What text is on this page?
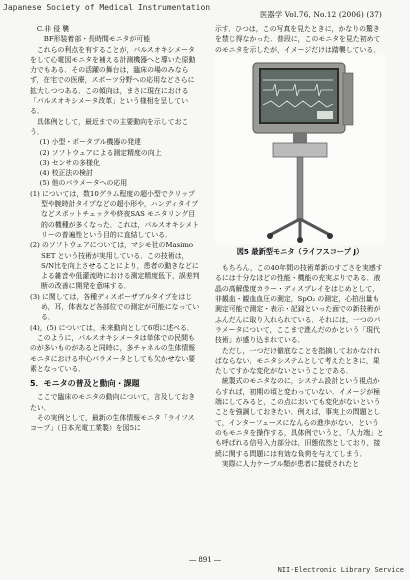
Japanese Society of Medical Instrumentation
医器学 Vol.76, No.12 (2006) (37)

C.非 侵 襲

BF形装着部・長時間モニタが可能

これらの利点を有することが，パルスオキシメータをして心電図モニタを補える計測機器へと導いた原動力でもある．その活躍の舞台は，臨床の場のみならず，在宅での医療，スポーツ分野への応用などさらに拡大しつつある．この傾向は，まさに現在における「パルスオキシメータ改革」という様相を呈している．

具体例として，最近までの主要動向を示しておこう．

(1) 小型・ポータブル機器の発達

(2) ソフトウェアによる測定精度の向上

(3) センサの多様化

(4) 校正法の検討

(5) 他のパラメータへの応用

(1) については，数10グラム程度の超小型でクリップ型や腕時計タイプなどの超小形や，ハンディタイプなどスポットチェックや終夜SAS モニタリング目的の機種が多くなった．これは，パルスオキシメトリーの普遍性という目的に直結している．

(2) のソフトウェアについては，マシモ社のMasimo SET という技術が実用している．この技術は，S/N比を向上させることにより，患者の動きなどによる雑音や低灌流時における測定精度低下，誤差判断の改善に開発を意味する．

(3) に関しては，各種ディスポーザブルタイプをはじめ，耳，体表など各部位での測定が可能になっている．

(4)，(5) については，未来動向として6項に述べる．

このように，パルスオキシメータは単体での民間ものが多いものがあると同時に，多チャネルの生体情報モニタにおける中心パラメータとしても欠かせない要素となっている．

5．モニタの普及と動向・課題

ここで臨床のモニタの動向について，言及しておきたい．

その実例として，最新の生体情報モニタ「ライフスコープ」（日本光電工業製）を図5に

示す．ひつは，この写真を見たときに，かなりの驚きを禁じ得なかった．普段に，このモニタを見た初めてのモニタを示したが，イメージだけは踏襲している．

図5 最新型モニタ（ライフスコープ J）

もちろん，この40年間の技術革新のすごさを実感するには十分なほどの性能・機能の充実ぶりである．液晶の高解像度カラー・ディスプレイをはじめとして，非観血・観血血圧の測定，SpO₂ の測定，心拍出量も測定可能で測定・表示・記録といった面での新技術がふんだんに取り入れられている．それには，一つのパラメータについて，ここまで進んだのかという「現代技術」が盛り込まれている．

ただし，一つだけ徹底なことを指摘しておかなければならない．モニタシステムとして考えたときに，果たしてすかな変化がないということである．

統製式のモニタなのに，システム設計という視点からすれば，初期の頃と変わっていない．イメージが極端にしてみると，この点においても変化がないということを強調しておきたい．例えば，事実上の問題として，インターフェースになんらの進歩がない．というのもモニタを操作する，具体例でいうと，「人力端」とも呼ばれる信号入力部分は，旧態依然としており，接続に関する問題には有効な負荷を与えてしまう．

実際に人力ケーブル類が患者に接続されたと

― 891 ―
NII-Electronic Library Service
